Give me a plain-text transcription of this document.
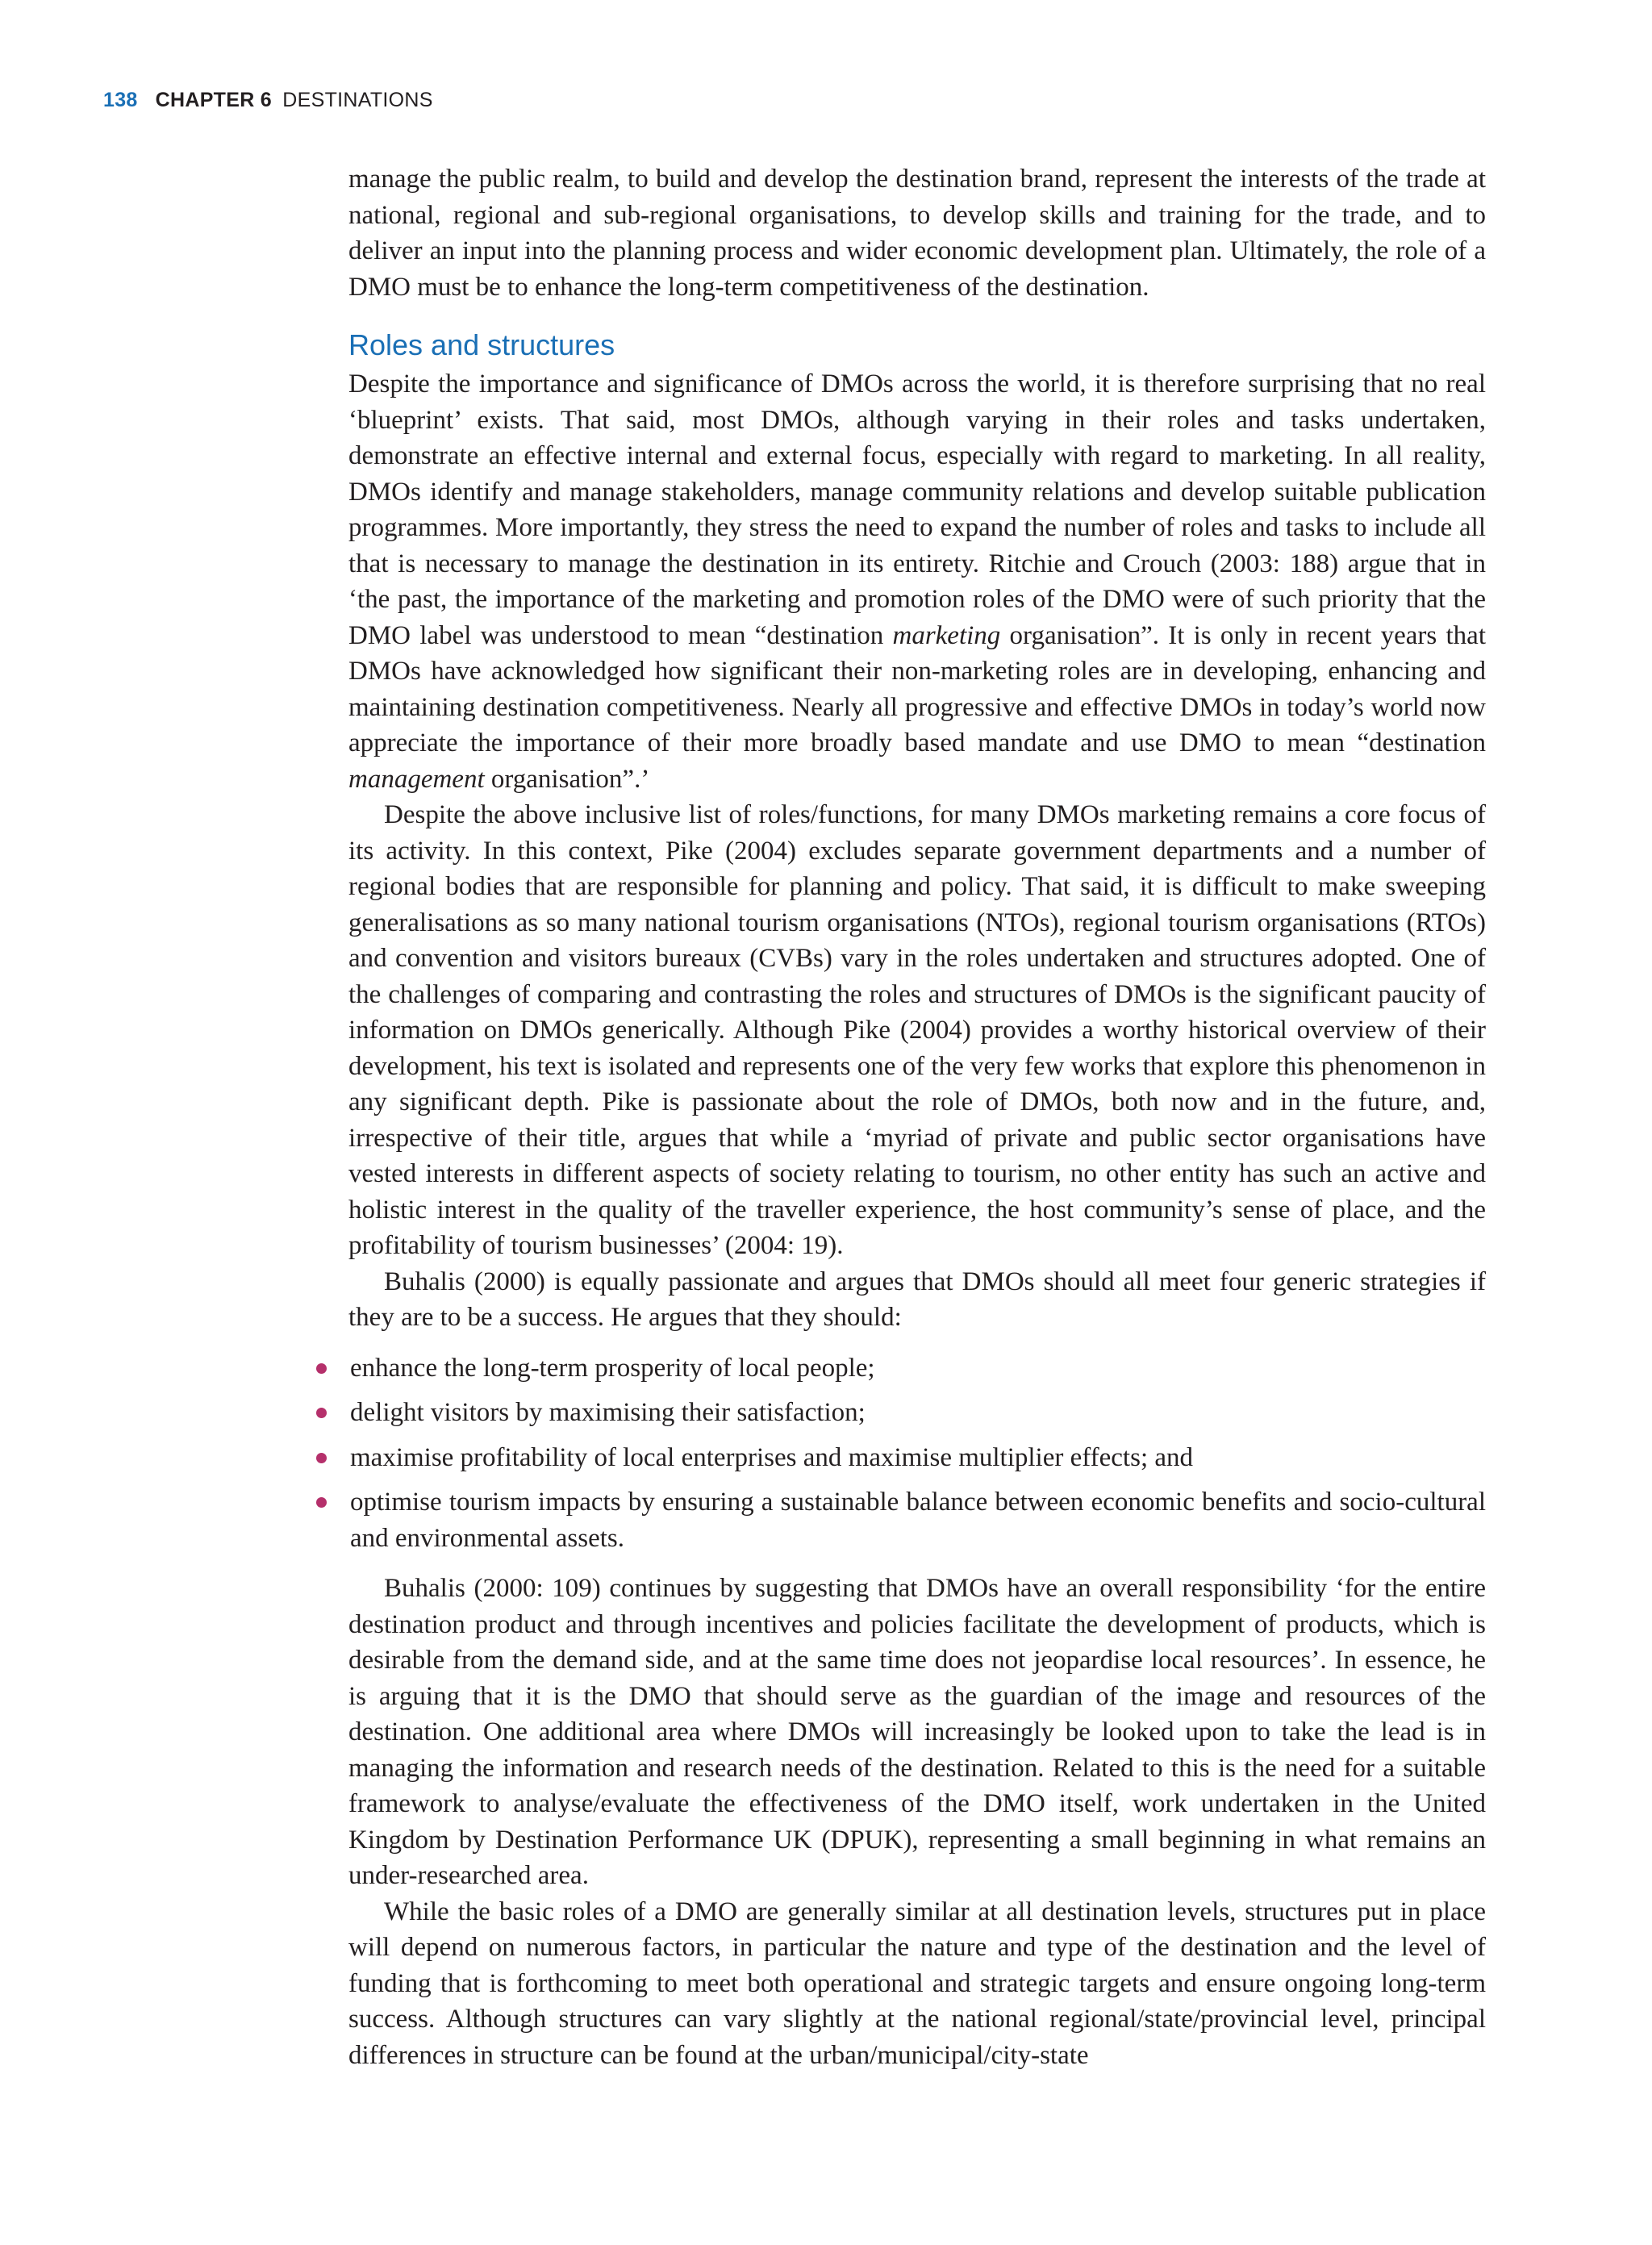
138 CHAPTER 6 DESTINATIONS

manage the public realm, to build and develop the destination brand, represent the interests of the trade at national, regional and sub-regional organisations, to develop skills and training for the trade, and to deliver an input into the planning process and wider economic development plan. Ultimately, the role of a DMO must be to enhance the long-term competitiveness of the destination.

Roles and structures

Despite the importance and significance of DMOs across the world, it is therefore surprising that no real ‘blueprint’ exists. That said, most DMOs, although varying in their roles and tasks undertaken, demonstrate an effective internal and external focus, especially with regard to marketing. In all reality, DMOs identify and manage stakeholders, manage community relations and develop suitable publication programmes. More importantly, they stress the need to expand the number of roles and tasks to include all that is necessary to manage the destination in its entirety. Ritchie and Crouch (2003: 188) argue that in ‘the past, the importance of the marketing and promotion roles of the DMO were of such priority that the DMO label was understood to mean “destination marketing organisation”. It is only in recent years that DMOs have acknowledged how significant their non-marketing roles are in developing, enhancing and maintaining destination competitiveness. Nearly all progressive and effective DMOs in today’s world now appreciate the importance of their more broadly based mandate and use DMO to mean “destination management organisation”.’

Despite the above inclusive list of roles/functions, for many DMOs marketing remains a core focus of its activity. In this context, Pike (2004) excludes separate government departments and a number of regional bodies that are responsible for planning and policy. That said, it is difficult to make sweeping generalisations as so many national tourism organisations (NTOs), regional tourism organisations (RTOs) and convention and visitors bureaux (CVBs) vary in the roles undertaken and structures adopted. One of the challenges of comparing and contrasting the roles and structures of DMOs is the significant paucity of information on DMOs generically. Although Pike (2004) provides a worthy historical overview of their development, his text is isolated and represents one of the very few works that explore this phenomenon in any significant depth. Pike is passionate about the role of DMOs, both now and in the future, and, irrespective of their title, argues that while a ‘myriad of private and public sector organisations have vested interests in different aspects of society relating to tourism, no other entity has such an active and holistic interest in the quality of the traveller experience, the host community’s sense of place, and the profitability of tourism businesses’ (2004: 19).

Buhalis (2000) is equally passionate and argues that DMOs should all meet four generic strategies if they are to be a success. He argues that they should:

enhance the long-term prosperity of local people;
delight visitors by maximising their satisfaction;
maximise profitability of local enterprises and maximise multiplier effects; and
optimise tourism impacts by ensuring a sustainable balance between economic benefits and socio-cultural and environmental assets.

Buhalis (2000: 109) continues by suggesting that DMOs have an overall responsibility ‘for the entire destination product and through incentives and policies facilitate the development of products, which is desirable from the demand side, and at the same time does not jeopardise local resources’. In essence, he is arguing that it is the DMO that should serve as the guardian of the image and resources of the destination. One additional area where DMOs will increasingly be looked upon to take the lead is in managing the information and research needs of the destination. Related to this is the need for a suitable framework to analyse/evaluate the effectiveness of the DMO itself, work undertaken in the United Kingdom by Destination Performance UK (DPUK), representing a small beginning in what remains an under-researched area.

While the basic roles of a DMO are generally similar at all destination levels, structures put in place will depend on numerous factors, in particular the nature and type of the destination and the level of funding that is forthcoming to meet both operational and strategic targets and ensure ongoing long-term success. Although structures can vary slightly at the national regional/state/provincial level, principal differences in structure can be found at the urban/municipal/city-state
